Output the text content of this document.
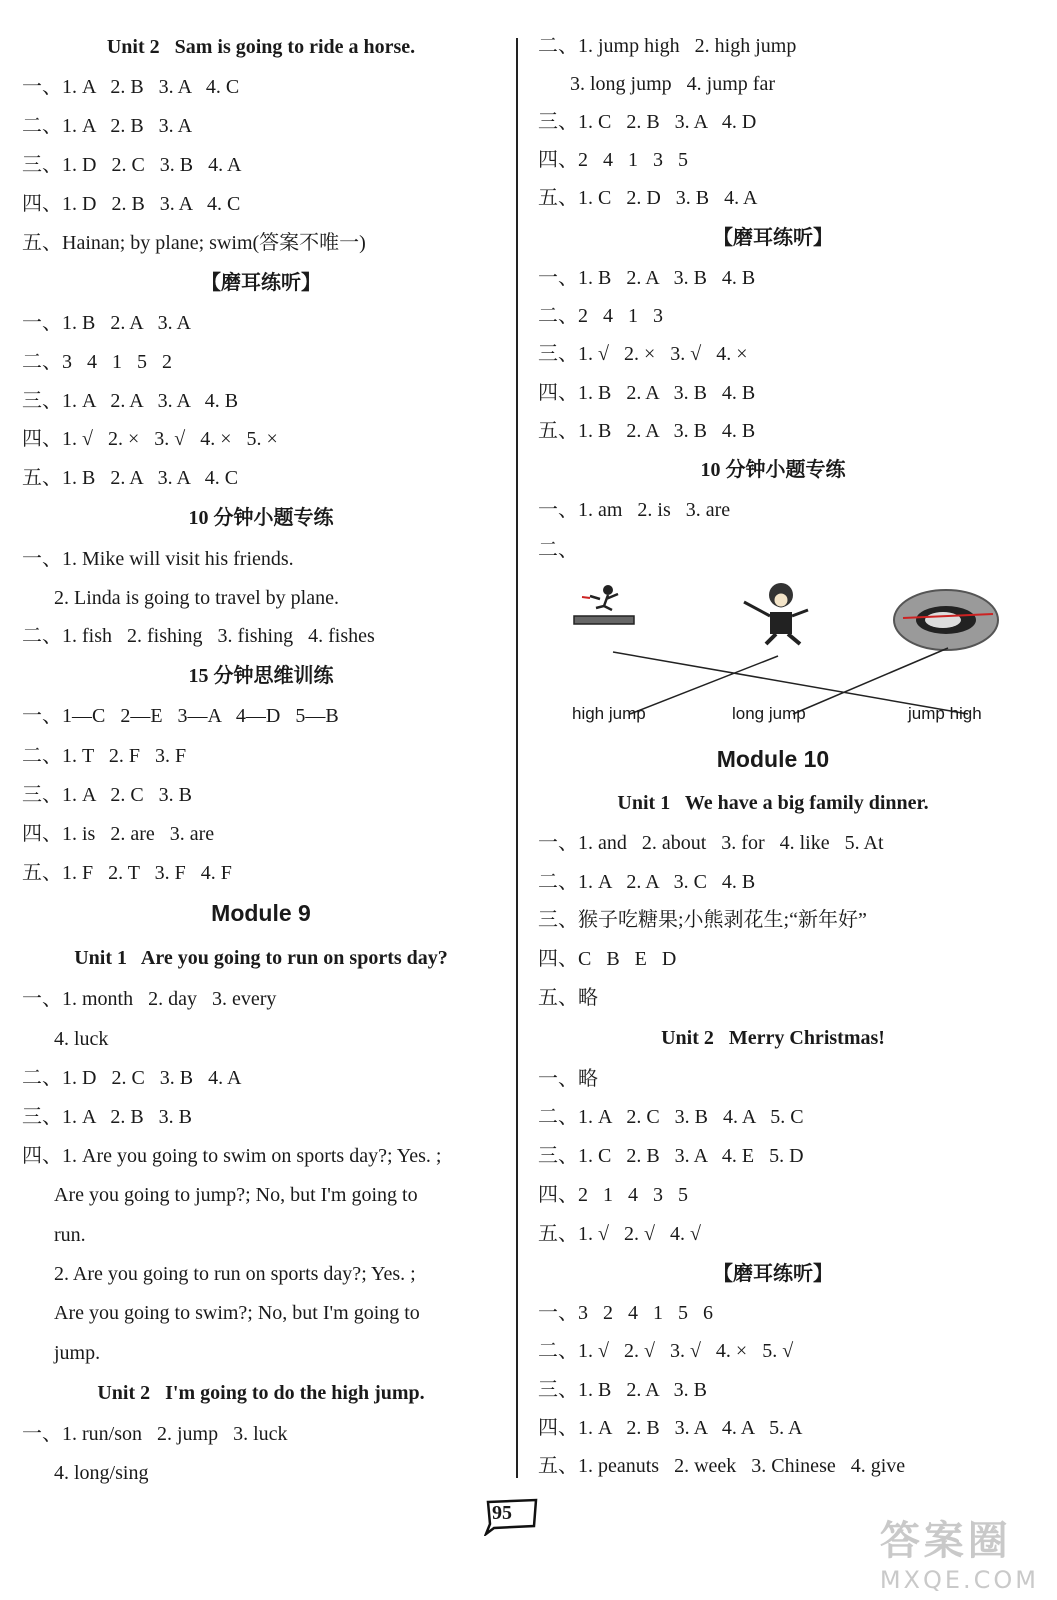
Unit 2   Sam is going to ride a horse.
一、1. A   2. B   3. A   4. C
二、1. A   2. B   3. A
三、1. D   2. C   3. B   4. A
四、1. D   2. B   3. A   4. C
五、Hainan; by plane; swim(答案不唯一)
【磨耳练听】
一、1. B   2. A   3. A
二、3   4   1   5   2
三、1. A   2. A   3. A   4. B
四、1. √   2. ×   3. √   4. ×   5. ×
五、1. B   2. A   3. A   4. C
10 分钟小题专练
一、1. Mike will visit his friends.
2. Linda is going to travel by plane.
二、1. fish   2. fishing   3. fishing   4. fishes
15 分钟思维训练
一、1—C   2—E   3—A   4—D   5—B
二、1. T   2. F   3. F
三、1. A   2. C   3. B
四、1. is   2. are   3. are
五、1. F   2. T   3. F   4. F
Module 9
Unit 1   Are you going to run on sports day?
一、1. month   2. day   3. every
4. luck
二、1. D   2. C   3. B   4. A
三、1. A   2. B   3. B
四、1. Are you going to swim on sports day?; Yes. ;
Are you going to jump?; No, but I'm going to
run.
2. Are you going to run on sports day?; Yes. ;
Are you going to swim?; No, but I'm going to
jump.
Unit 2   I'm going to do the high jump.
一、1. run/son   2. jump   3. luck
4. long/sing
二、1. jump high   2. high jump
3. long jump   4. jump far
三、1. C   2. B   3. A   4. D
四、2   4   1   3   5
五、1. C   2. D   3. B   4. A
【磨耳练听】
一、1. B   2. A   3. B   4. B
二、2   4   1   3
三、1. √   2. ×   3. √   4. ×
四、1. B   2. A   3. B   4. B
五、1. B   2. A   3. B   4. B
10 分钟小题专练
一、1. am   2. is   3. are
二、
high jump	long jump	jump high
Module 10
Unit 1   We have a big family dinner.
一、1. and   2. about   3. for   4. like   5. At
二、1. A   2. A   3. C   4. B
三、猴子吃糖果;小熊剥花生;“新年好”
四、C   B   E   D
五、略
Unit 2   Merry Christmas!
一、略
二、1. A   2. C   3. B   4. A   5. C
三、1. C   2. B   3. A   4. E   5. D
四、2   1   4   3   5
五、1. √   2. √   4. √
【磨耳练听】
一、3   2   4   1   5   6
二、1. √   2. √   3. √   4. ×   5. √
三、1. B   2. A   3. B
四、1. A   2. B   3. A   4. A   5. A
五、1. peanuts   2. week   3. Chinese   4. give
95
答案圈
MXQE.COM
